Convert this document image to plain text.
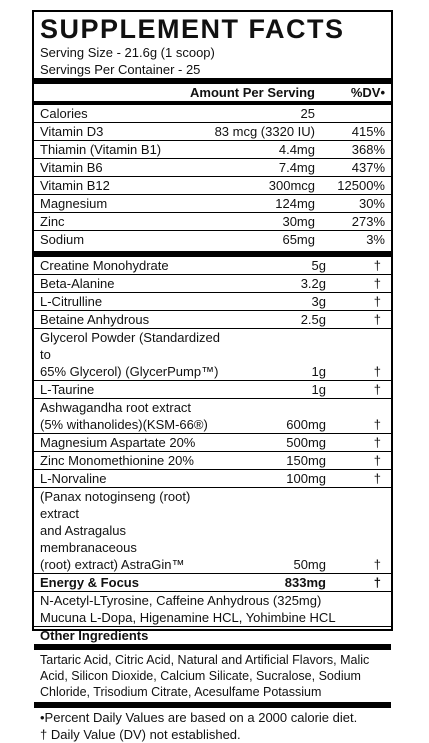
SUPPLEMENT FACTS
Serving Size - 21.6g (1 scoop)
Servings Per Container - 25
Amount Per Serving	%DV•
Calories	25
Vitamin D3	83 mcg (3320 IU)	415%
Thiamin (Vitamin B1)	4.4mg	368%
Vitamin B6	7.4mg	437%
Vitamin B12	300mcg	12500%
Magnesium	124mg	30%
Zinc	30mg	273%
Sodium	65mg	3%
Creatine Monohydrate	5g	†
Beta-Alanine	3.2g	†
L-Citrulline	3g	†
Betaine Anhydrous	2.5g	†
Glycerol Powder (Standardized to
65% Glycerol) (GlycerPump™)	1g	†
L-Taurine	1g	†
Ashwagandha root extract
(5% withanolides)(KSM-66®)	600mg	†
Magnesium Aspartate 20%	500mg	†
Zinc Monomethionine 20%	150mg	†
L-Norvaline	100mg	†
(Panax notoginseng (root) extract
and Astragalus membranaceous
(root) extract) AstraGin™	50mg	†
Energy & Focus	833mg	†
N-Acetyl-LTyrosine, Caffeine Anhydrous (325mg)
Mucuna L-Dopa, Higenamine HCL, Yohimbine HCL
Other Ingredients
Tartaric Acid, Citric Acid, Natural and Artificial Flavors, Malic
Acid, Silicon Dioxide, Calcium Silicate, Sucralose, Sodium
Chloride, Trisodium Citrate, Acesulfame Potassium
•Percent Daily Values are based on a 2000 calorie diet.
† Daily Value (DV) not established.
